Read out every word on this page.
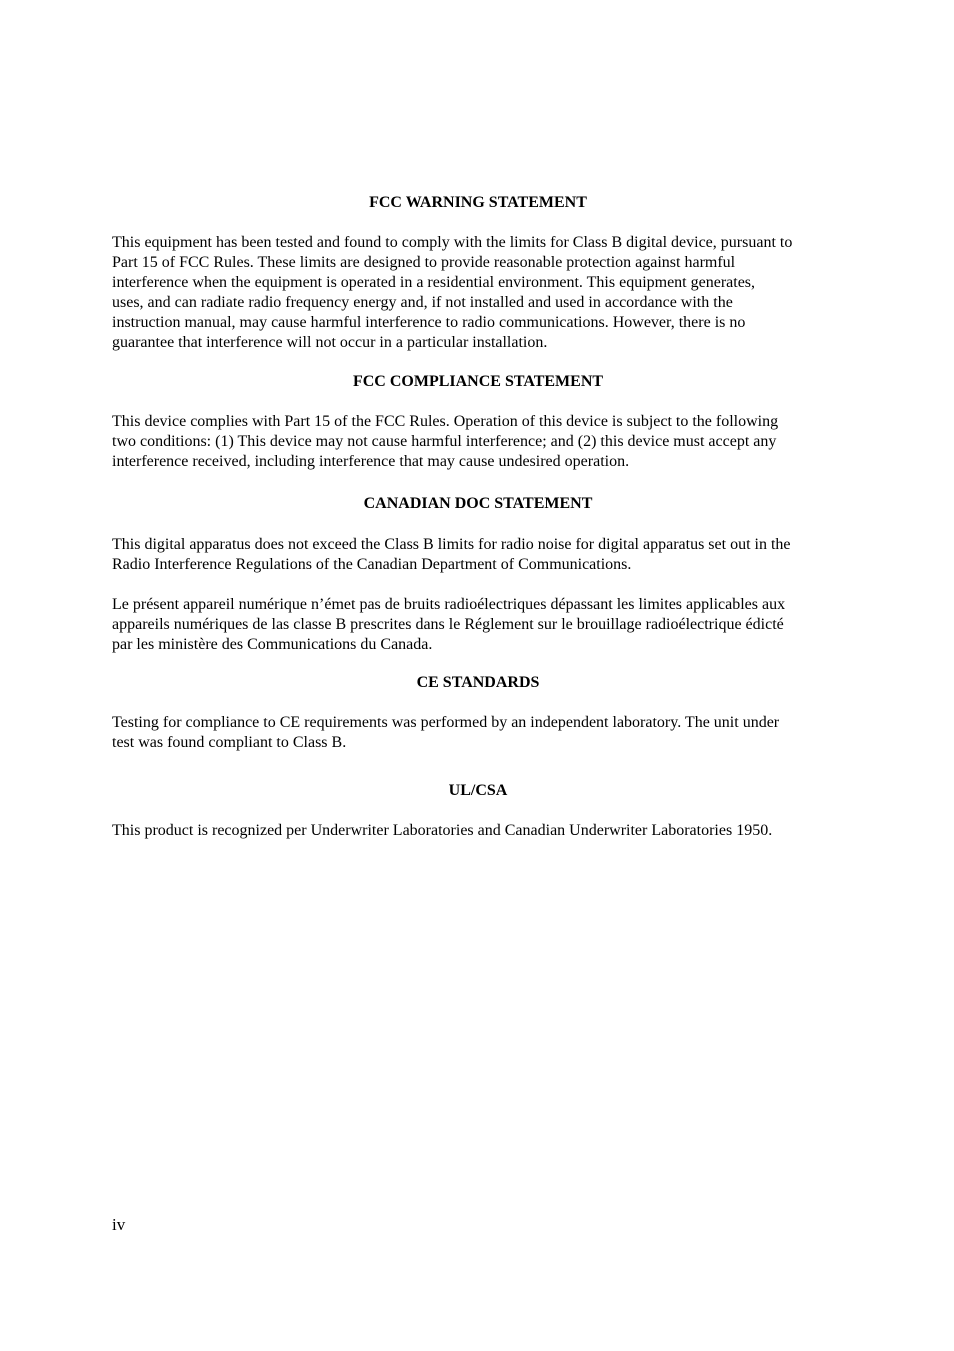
FCC WARNING STATEMENT

This equipment has been tested and found to comply with the limits for Class B digital device, pursuant to
Part 15 of FCC Rules. These limits are designed to provide reasonable protection against harmful
interference when the equipment is operated in a residential environment. This equipment generates,
uses, and can radiate radio frequency energy and, if not installed and used in accordance with the
instruction manual, may cause harmful interference to radio communications. However, there is no
guarantee that interference will not occur in a particular installation.

FCC COMPLIANCE STATEMENT

This device complies with Part 15 of the FCC Rules. Operation of this device is subject to the following
two conditions: (1) This device may not cause harmful interference; and (2) this device must accept any
interference received, including interference that may cause undesired operation.

CANADIAN DOC STATEMENT

This digital apparatus does not exceed the Class B limits for radio noise for digital apparatus set out in the
Radio Interference Regulations of the Canadian Department of Communications.

Le présent appareil numérique n’émet pas de bruits radioélectriques dépassant les limites applicables aux
appareils numériques de las classe B prescrites dans le Réglement sur le brouillage radioélectrique édicté
par les ministère des Communications du Canada.

CE STANDARDS

Testing for compliance to CE requirements was performed by an independent laboratory. The unit under
test was found compliant to Class B.

UL/CSA

This product is recognized per Underwriter Laboratories and Canadian Underwriter Laboratories 1950.

iv
